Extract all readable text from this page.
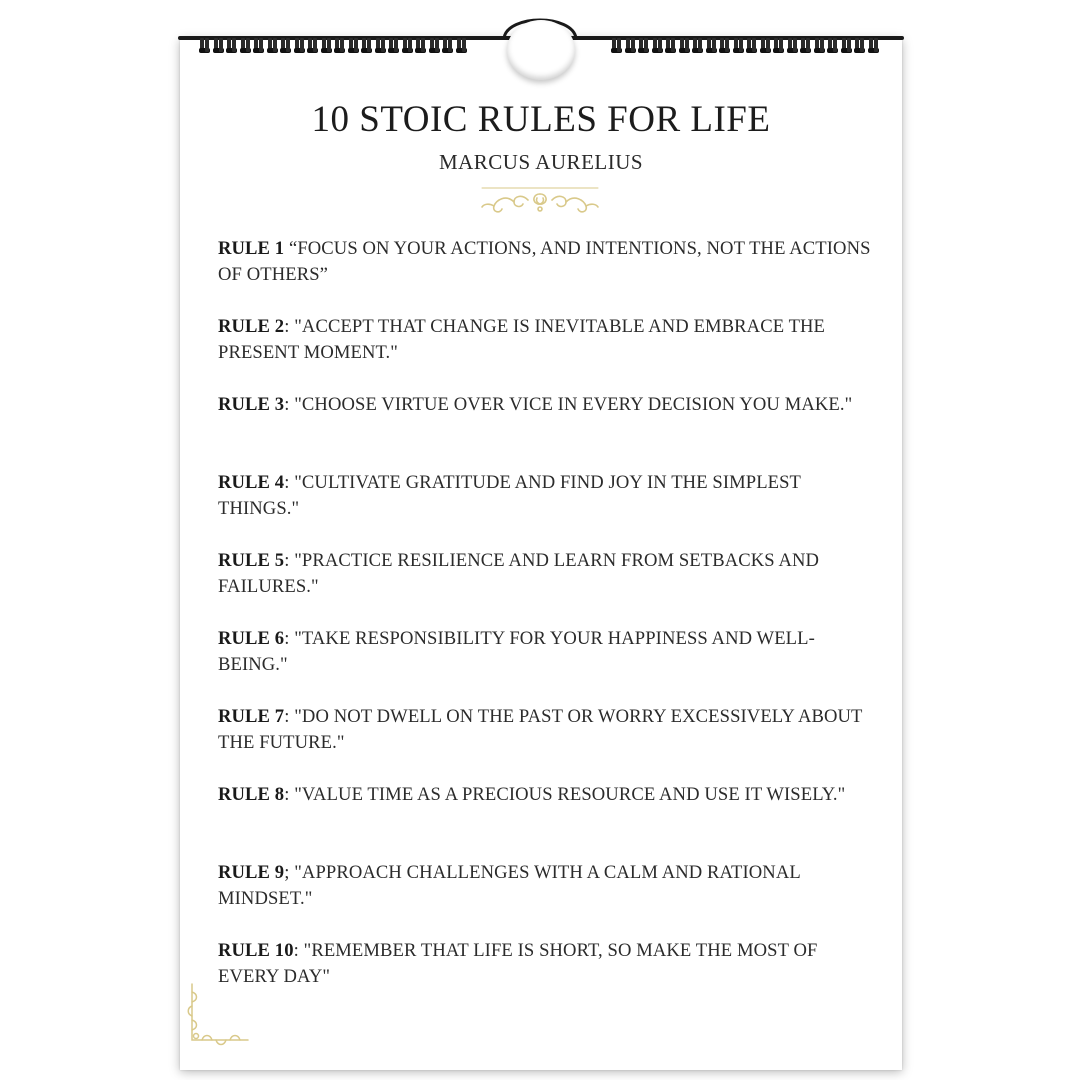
10 STOIC RULES FOR LIFE
MARCUS AURELIUS
RULE 1 “FOCUS ON YOUR ACTIONS, AND INTENTIONS, NOT THE ACTIONS OF OTHERS”
RULE 2: "ACCEPT THAT CHANGE IS INEVITABLE AND EMBRACE THE PRESENT MOMENT."
RULE 3: "CHOOSE VIRTUE OVER VICE IN EVERY DECISION YOU MAKE."
RULE 4: "CULTIVATE GRATITUDE AND FIND JOY IN THE SIMPLEST THINGS."
RULE 5: "PRACTICE RESILIENCE AND LEARN FROM SETBACKS AND FAILURES."
RULE 6: "TAKE RESPONSIBILITY FOR YOUR HAPPINESS AND WELL-BEING."
RULE 7: "DO NOT DWELL ON THE PAST OR WORRY EXCESSIVELY ABOUT THE FUTURE."
RULE 8: "VALUE TIME AS A PRECIOUS RESOURCE AND USE IT WISELY."
RULE 9; "APPROACH CHALLENGES WITH A CALM AND RATIONAL MINDSET."
RULE 10: "REMEMBER THAT LIFE IS SHORT, SO MAKE THE MOST OF EVERY DAY"
